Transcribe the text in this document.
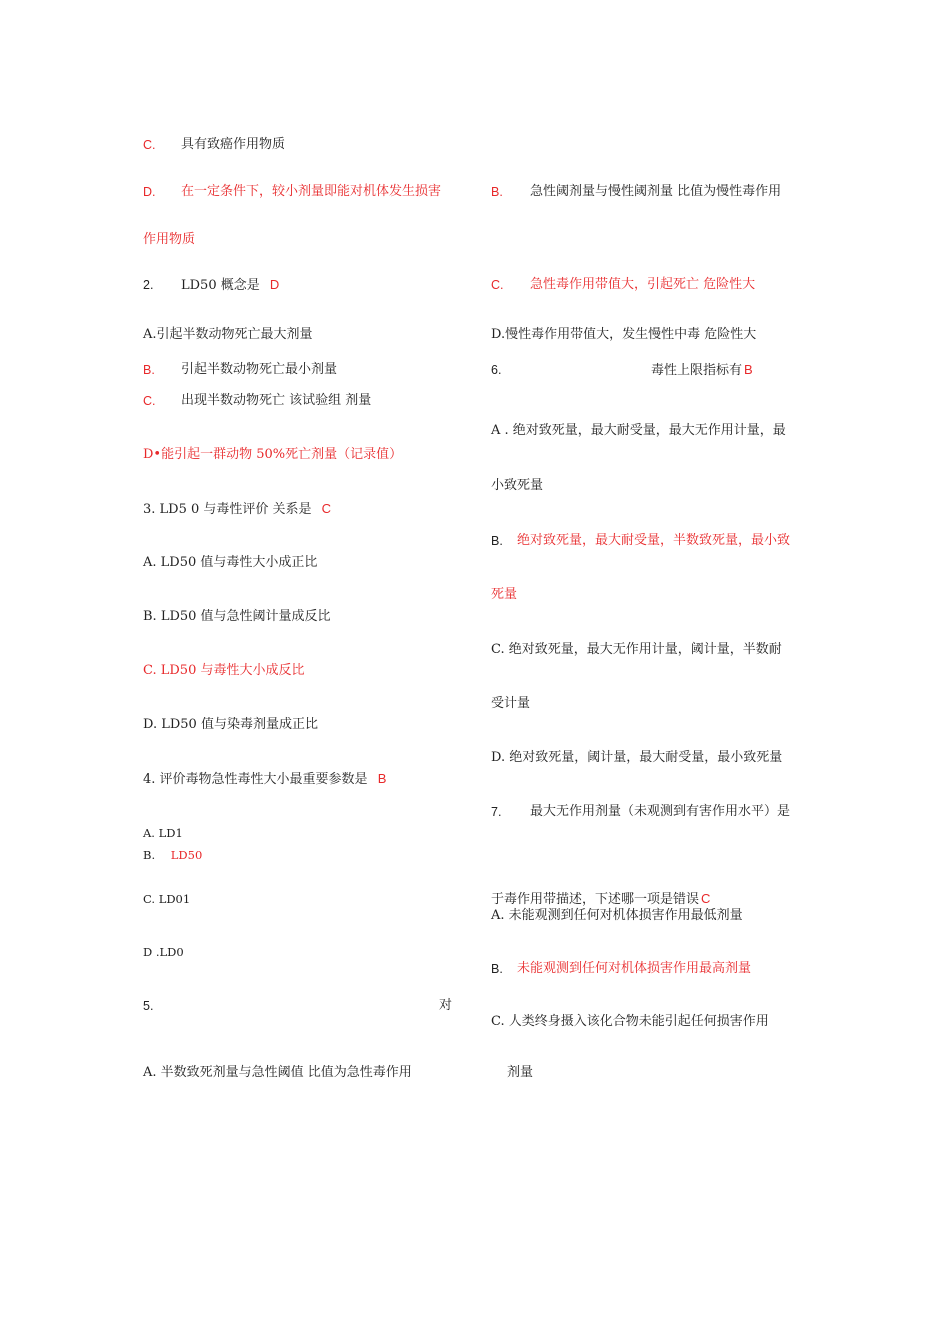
C. 具有致癌作用物质
D. 在一定条件下，较小剂量即能对机体发生损害
作用物质
2. LD50 概念是 D
A.引起半数动物死亡最大剂量
B. 引起半数动物死亡最小剂量
C. 出现半数动物死亡 该试验组 剂量
D•能引起一群动物 50%死亡剂量（记录值）
3. LD5 0 与毒性评价 关系是 C
A. LD50 值与毒性大小成正比
B. LD50 值与急性阈计量成反比
C. LD50 与毒性大小成反比
D. LD50 值与染毒剂量成正比
4. 评价毒物急性毒性大小最重要参数是 B
A. LD1
B. LD50
C. LD01
D .LD0
5.	对
A. 半数致死剂量与急性阈值 比值为急性毒作用
B. 急性阈剂量与慢性阈剂量 比值为慢性毒作用
C. 急性毒作用带值大，引起死亡 危险性大
D.慢性毒作用带值大，发生慢性中毒 危险性大
6.	毒性上限指标有 B
A . 绝对致死量，最大耐受量，最大无作用计量，最
小致死量
B. 绝对致死量，最大耐受量，半数致死量，最小致
死量
C. 绝对致死量，最大无作用计量，阈计量，半数耐
受计量
D. 绝对致死量，阈计量，最大耐受量，最小致死量
7. 最大无作用剂量（未观测到有害作用水平）是
于毒作用带描述，下述哪一项是错误 C
A. 未能观测到任何对机体损害作用最低剂量
B. 未能观测到任何对机体损害作用最高剂量
C. 人类终身摄入该化合物未能引起任何损害作用
剂量
